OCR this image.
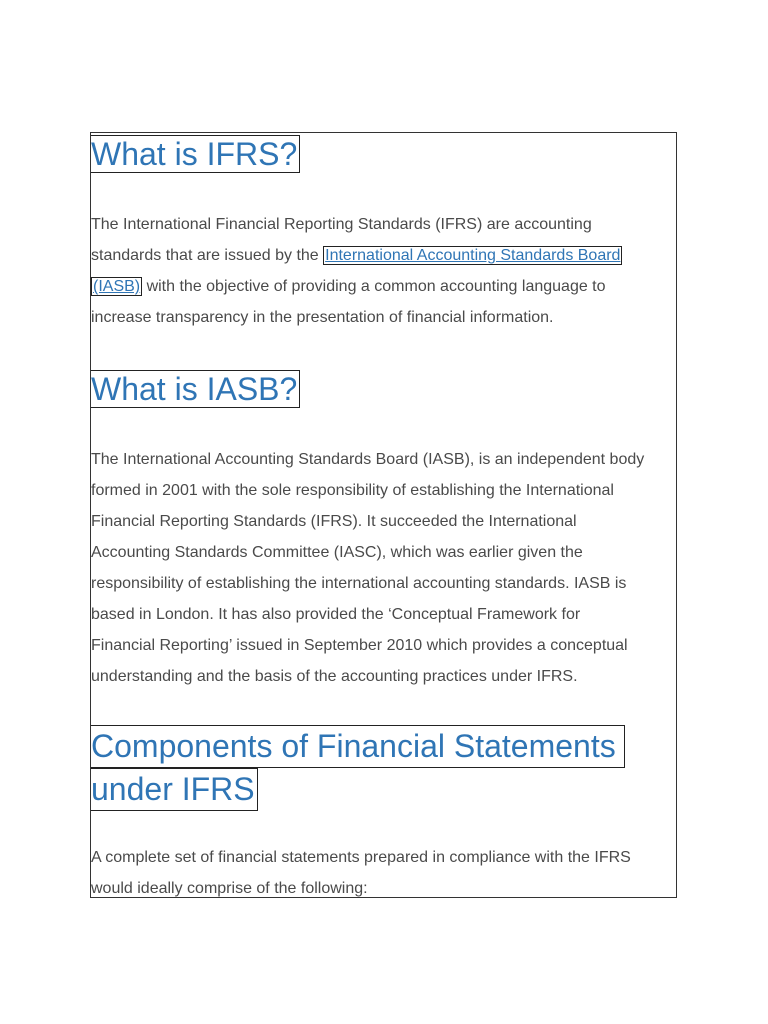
What is IFRS?

The International Financial Reporting Standards (IFRS) are accounting
standards that are issued by the International Accounting Standards Board
(IASB) with the objective of providing a common accounting language to
increase transparency in the presentation of financial information.

What is IASB?

The International Accounting Standards Board (IASB), is an independent body
formed in 2001 with the sole responsibility of establishing the International
Financial Reporting Standards (IFRS). It succeeded the International
Accounting Standards Committee (IASC), which was earlier given the
responsibility of establishing the international accounting standards. IASB is
based in London. It has also provided the ‘Conceptual Framework for
Financial Reporting’ issued in September 2010 which provides a conceptual
understanding and the basis of the accounting practices under IFRS.

Components of Financial Statements
under IFRS

A complete set of financial statements prepared in compliance with the IFRS
would ideally comprise of the following:
